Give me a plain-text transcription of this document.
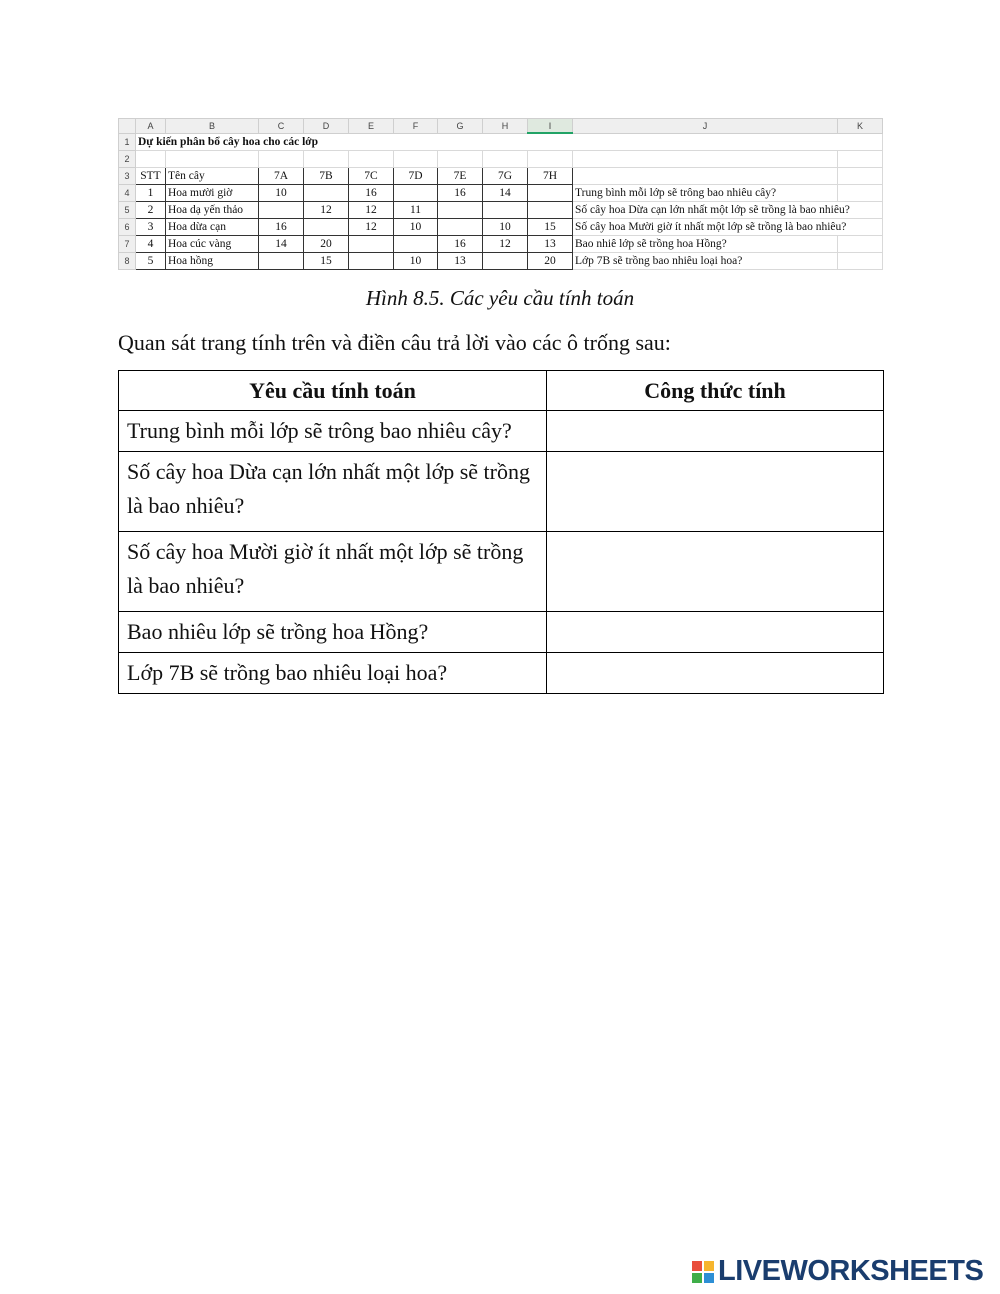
	A	B	C	D	E	F	G	H	I	J	K
1	Dự kiến phân bổ cây hoa cho các lớp										
2											
3	STT	Tên cây	7A	7B	7C	7D	7E	7G	7H		
4	1	Hoa mười giờ	10		16		16	14		Trung bình mỗi lớp sẽ trông bao nhiêu cây?	
5	2	Hoa dạ yến thảo		12	12	11				Số cây hoa Dừa cạn lớn nhất một lớp sẽ trồng là bao nhiêu?	
6	3	Hoa dừa cạn	16		12	10		10	15	Số cây hoa Mười giờ ít nhất một lớp sẽ trồng là bao nhiêu?	
7	4	Hoa cúc vàng	14	20			16	12	13	Bao nhiê lớp sẽ trồng hoa Hồng?	
8	5	Hoa hồng		15		10	13		20	Lớp 7B sẽ trồng bao nhiêu loại hoa?	
Hình 8.5. Các yêu cầu tính toán
Quan sát trang tính trên và điền câu trả lời vào các ô trống sau:
Yêu cầu tính toán	Công thức tính

Trung bình mỗi lớp sẽ trông bao nhiêu cây?

Số cây hoa Dừa cạn lớn nhất một lớp sẽ trồng
là bao nhiêu?

Số cây hoa Mười giờ ít nhất một lớp sẽ trồng
là bao nhiêu?

Bao nhiêu lớp sẽ trồng hoa Hồng?

Lớp 7B sẽ trồng bao nhiêu loại hoa?

LIVEWORKSHEETS
